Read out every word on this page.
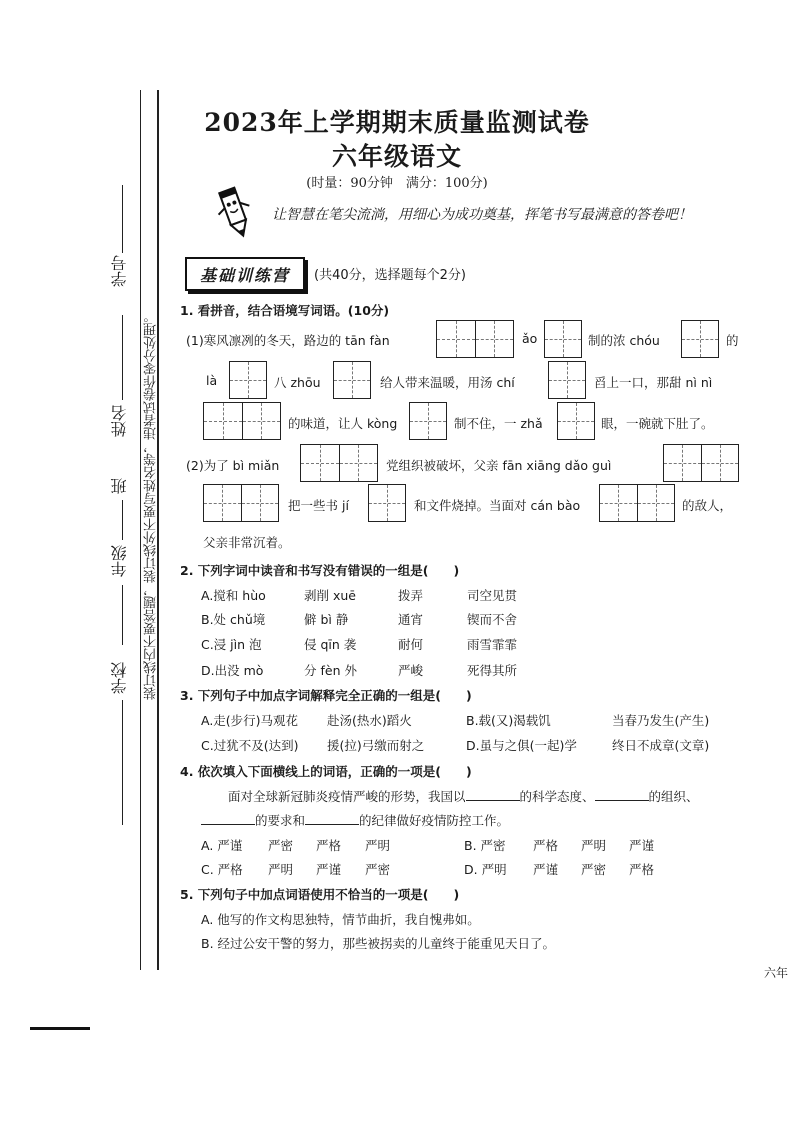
装订线内不要答题，装订线外不要写姓名等，违者试卷作零分处理。
学号
姓名
班
年级
学校
2023年上学期期末质量监测试卷
六年级语文
(时量：90分钟　满分：100分)
让智慧在笔尖流淌，用细心为成功奠基，挥笔书写最满意的答卷吧！
基础训练营	(共40分，选择题每个2分)
1. 看拼音，结合语境写词语。(10分)
(1)寒风凛冽的冬天，路边的 tān fàn	ǎo	制的浓 chóu	的
là	八 zhōu	给人带来温暖，用汤 chí	舀上一口，那甜 nì nì
的味道，让人 kòng	制不住，一 zhǎ	眼，一碗就下肚了。
(2)为了 bì miǎn	党组织被破坏，父亲 fān xiāng dǎo guì
把一些书 jí	和文件烧掉。当面对 cán bào	的敌人，
父亲非常沉着。
2. 下列字词中读音和书写没有错误的一组是(　　)
A.搅和 hùo	剥削 xuē	拨弄	司空见贯
B.处 chǔ境	僻 bì 静	通宵	锲而不舍
C.浸 jìn 泡	侵 qīn 袭	耐何	雨雪霏霏
D.出没 mò	分 fèn 外	严峻	死得其所
3. 下列句子中加点字词解释完全正确的一组是(　　)
A.走(步行)马观花 赴汤(热水)蹈火	B.载(又)渴载饥	当春乃发生(产生)
C.过犹不及(达到) 援(拉)弓缴而射之	D.虽与之俱(一起)学	终日不成章(文章)
4. 依次填入下面横线上的词语，正确的一项是(　　)
面对全球新冠肺炎疫情严峻的形势，我国以	的科学态度、	的组织、
的要求和	的纪律做好疫情防控工作。
A. 严谨 严密 严格 严明	B. 严密 严格 严明 严谨
C. 严格 严明 严谨 严密	D. 严明 严谨 严密 严格
5. 下列句子中加点词语使用不恰当的一项是(　　)
A. 他写的作文构思独特，情节曲折，我自愧弗如。
B. 经过公安干警的努力，那些被拐卖的儿童终于能重见天日了。
六年
